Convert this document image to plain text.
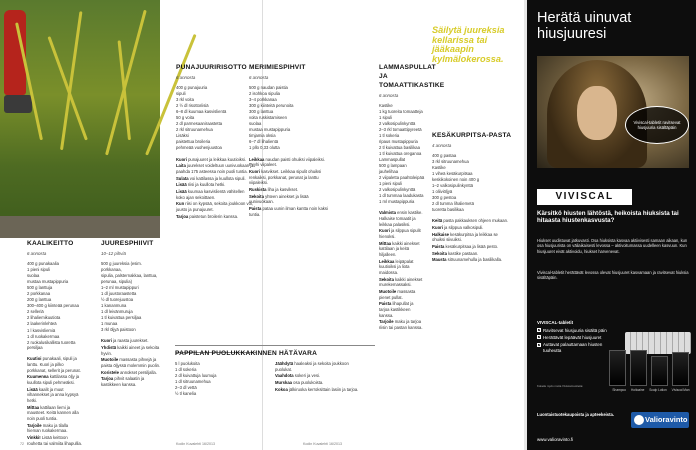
KAALIKEITTO
6 annosta
400 g punakaalia
1 pieni sipuli
suolaa
mustaa mustapippuria
500 g lanttuja
2 porkkanaa
200 g lanttua
300–400 g kiinteää perunaa
2 selleriä
2 lihaliemikuutiota
2 laakerinlehteä
1 l kasvisliemiä
1 dl ruokakermaa
2 ruokalusikallista tuoretta persiljaa

Kuutioi punakaali, sipuli ja lanttu. Kuori ja pilko porkkanat, sellerit ja perunat.

Kuumenna kattilassa öljy ja kuullota sipuli pehmeäksi.

Lisää kaalit ja muut vihannekset ja anna kypsyä hetki.

Mittaa kattilaan liemi ja mausteet. Keitä kannen alla noin puoli tuntia.

Tarjoile maku ja tilalla hieman ruokakermaa.

Vinkki! Lisää keittoon rouhetta tai valmiita lihapullia.

JUURESPHIIVIT
10–12 pihviä
500 g juureksia (esim. porkkanaa,
sipulia, palsternakkaa, lanttua,
perunaa, sipulia)
1–2 ml mustapippuri
1 dl juustoraastetta
½ dl tuorejuustoa
1 kananmuna
1 dl leivänmuruja
1 tl kuivattua persiljaa
1 munaa
3 rkl öljyä paistoon

Kuori ja raasta juurekset.

Yhdistä kaikki aineet ja sekoita hyvin.

Muotoile massasta pihvejä ja paista öljyssä molemmin puolin.

Koristele annokset persiljalla.

Tarjoa pihvit salaatin ja kastikkeen kanssa.

PUNAJUURIRISOTTO
6 annosta
400 g punajuuria
sipuli
3 rkl voita
2 ½ dl risottoriisiä
6–8 dl kuumaa kasvislientä
50 g voita
2 dl parmesaaniraastetta
2 rkl sitruunamehua
Lisäksi
paistettua broileria
pehmeää vuohenjuustoa

Kuori punajuuret ja leikkaa kuutioiksi.

Laita juurekset voideltuun uunivuokaan ja paahda 175 asteessa noin puoli tuntia.

Sulata voi kattilassa ja kuullota sipuli.

Lisää riisi ja kuullota hetki.

Lisää kuumaa kasvislientä vähitellen koko ajan sekoittaen.

Kun riisi on kypsää, sekoita joukkoon voi, juusto ja punajuuret.

Tarjoa paistetun broilerin kanssa.

72	Kodin Kuvalehti 16/2013
MERIMIESPIHVIT
6 annosta
500 g naudan paistia
2 isohkoa sipulia
3–4 porkkanaa
300 g kiinteitä perunoita
300 g lanttua
voita ruskistamiseen
suolaa
mustaa mustapippuria
timjamia oksia
6–7 dl lihalientä
1 pllo 0,33 olutta

Leikkaa naudan paisti ohuiksi viipaleiksi. Pyyhi viipaleet.

Kuori kasvikset. Leikkaa sipulit ohuiksi renkaiksi, porkkanat, perunat ja lanttu viipaleiksi.

Ruskista liha ja kasvikset.

Sekoita yhteen ainekset ja lisää uunivuokaan.

Paista pataa uunin ilman kantta noin kaksi tuntia.

LAMMASPULLAT JA TOMAATTIKASTIKE
6 annosta
Kastike
1 kg tuoreita tomaatteja
1 sipuli
2 valkosipulinkynttä
2–3 rkl tomaattipyreetä
1 tl sokeria
ripaus mustapippuria
2 tl kuivattua basilikaa
1 tl kuivattua oreganoa
Lammaspullat
500 g lampaan jauhelihaa
2 viipaletta paahtoleipää
1 pieni sipuli
2 valkosipulinkynttä
1 dl tummaa laadukasta
1 ml mustapippuria

Valmista ensin kastike. Halkaise tomaatit ja leikkaa palasiksi.

Kuori ja silppua sipulit hienoksi.

Mittaa kaikki ainekset kattilaan ja keitä hiljalleen.

Leikkaa leipäpalat kuutioiksi ja liota maidossa.

Sekoita kaikki ainekset murekemassaksi.

Muotoile massasta pienet pullat.

Paista lihapullat ja tarjoa kastikkeen kanssa.

Tarjoile maku ja tarjoa riisin tai pastan kanssa.

Säilytä juureksia kellarissa tai jääkaapin kylmälokerossa.
KESÄKURPITSA-PASTA
4 annosta
400 g pastaa
3 rkl sitruunamehua
Kastike
1 viheä kesäkurpitsaa
keskikokoinen noin 400 g
1–2 valkosipulinkynttä
1 oliiviöljyä
300 g pestoa
2 dl tumma lihaliemetä
tuoretta basilikaa

Keitä pasta pakkauksen ohjeen mukaan.

Kuori ja silppua valkosipuli.

Halkaise kesäkurpitsa ja leikkaa se ohuiksi siivuiksi.

Paista kesäkurpitsaa ja lisää pesto.

Sekoita kastike pastaan.

Mausta sitruunamehulla ja basilikalla.

PAPPILAN PUOLUKKAKINNEN HÄTÄVARA
5 l puolukoita
1 dl sokeria
2 dl kuivattuja luumuja
1 dl sitruunamehua
2–3 dl vettä
½ tl kanelia

Jäähdytä haaleaksi ja sekoita joukkoon puolukat.

Vaahdota sokeri ja vesi.

Murskaa osa puolukoista.

Kokoa jälkiruoka kerroksittain lasiin ja tarjoa.

Kodin Kuvalehti 16/2013
Herätä uinuvat hiusjuuresi
Viviscal-tabletit ravitsevat hiusjuuria sisältäpäin
VIVISCAL
Kärsitkö hiusten lähtöstä, heikoista hiuksista tai hitaasta hiustenkasvusta?
Hiukset uudistuvat jatkuvasti. Osa hiuksista kasvaa aktiivisesti samaan aikaan, kun osa hiusjuurista on väliaikaisesti levossa – aktivoitumassa uudelleen kasvuun. Kun hiusjuuret eivät aktivoidu, hiukset harvenevat.
Viviscal-tabletit herättävät levossa olevat hiusjuuret kasvamaan ja ravitsevat hiuksia sisältäpäin.
VIVISCAL-tabletit
✓ Ravitsevat hiusjuuria sisältä päin
✓ Herättävät lepäävät hiusjuuret
✓ Auttavat palauttamaan hiusten tuuheutta
Shampoo Hoitoaine Scalp Lotion Viviscal Man
Kokeile myös muita Viviscal-tuotteita:
Luontaistuotekaupoista ja apteekeista.
Valioravinto
www.valioravinto.fi
